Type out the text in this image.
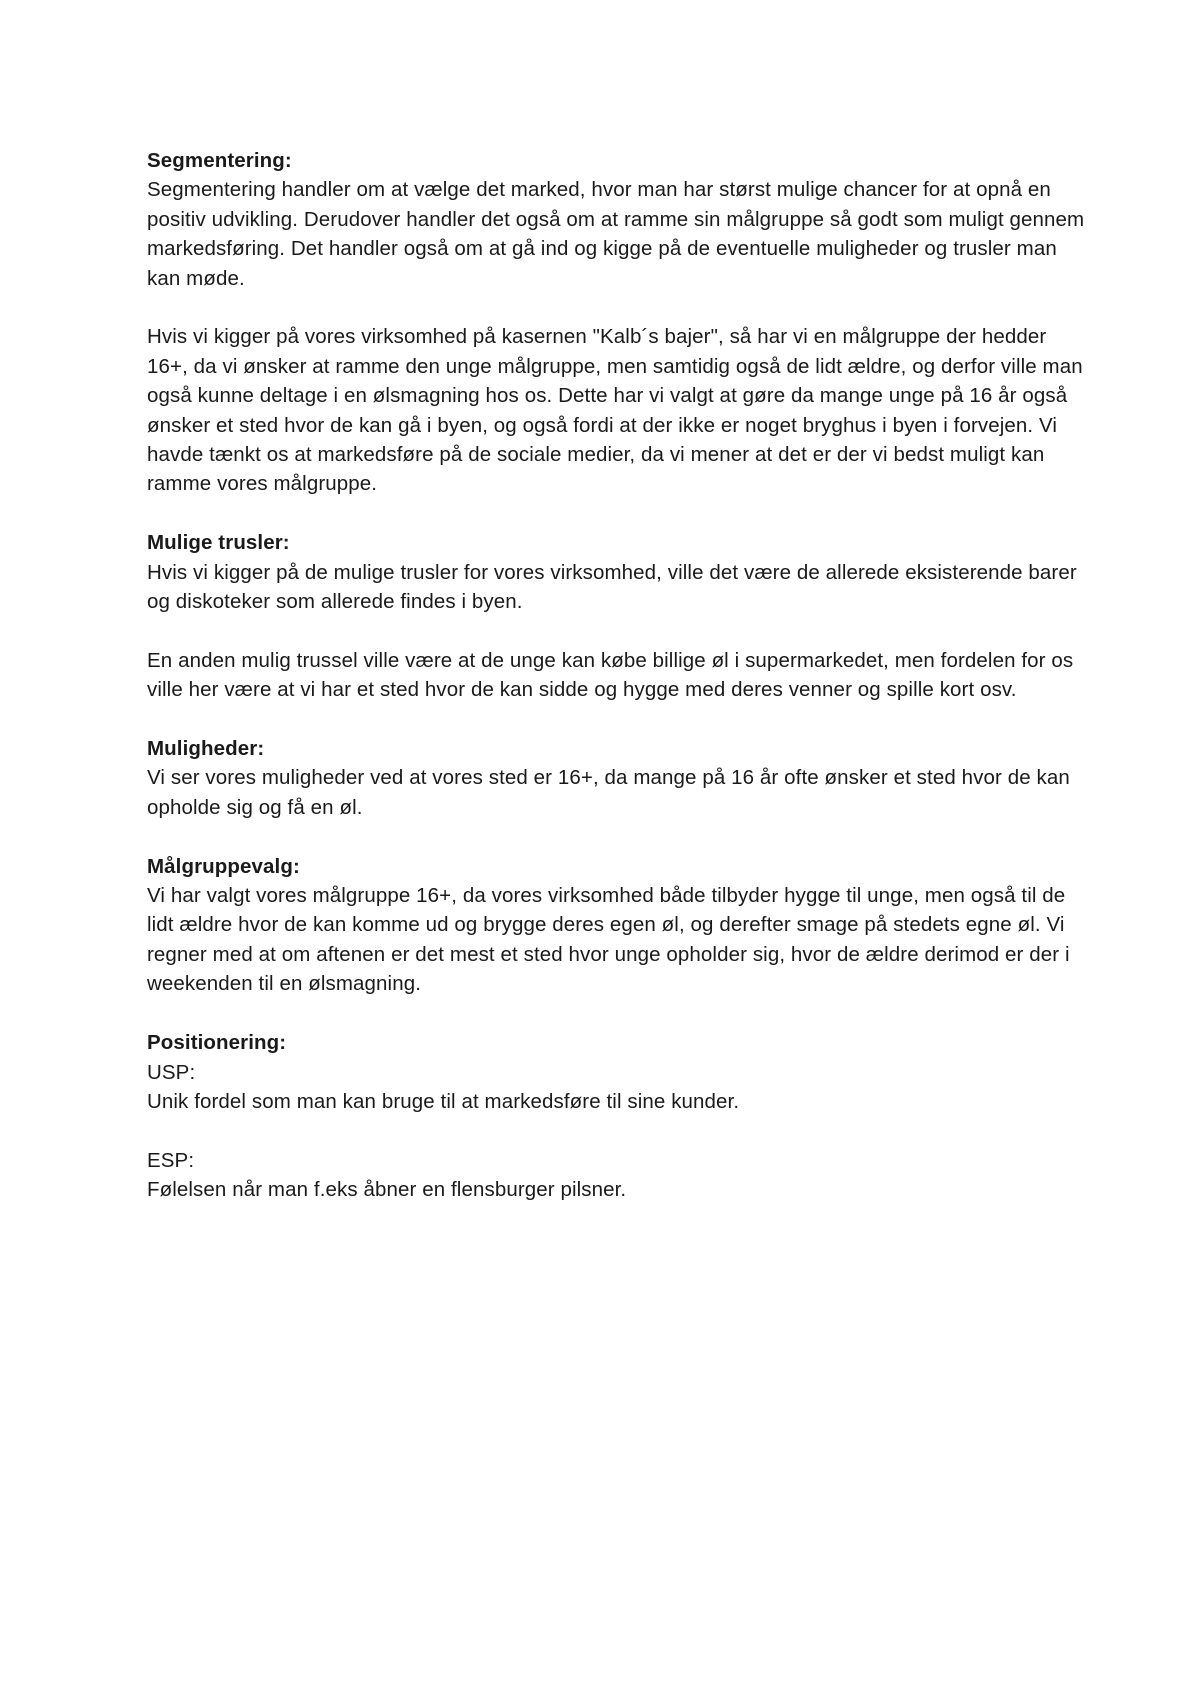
Segmentering:
Segmentering handler om at vælge det marked, hvor man har størst mulige chancer for at opnå en positiv udvikling. Derudover handler det også om at ramme sin målgruppe så godt som muligt gennem markedsføring. Det handler også om at gå ind og kigge på de eventuelle muligheder og trusler man kan møde.
Hvis vi kigger på vores virksomhed på kasernen "Kalb´s bajer", så har vi en målgruppe der hedder 16+, da vi ønsker at ramme den unge målgruppe, men samtidig også de lidt ældre, og derfor ville man også kunne deltage i en ølsmagning hos os. Dette har vi valgt at gøre da mange unge på 16 år også ønsker et sted hvor de kan gå i byen, og også fordi at der ikke er noget bryghus i byen i forvejen. Vi havde tænkt os at markedsføre på de sociale medier, da vi mener at det er der vi bedst muligt kan ramme vores målgruppe.
Mulige trusler:
Hvis vi kigger på de mulige trusler for vores virksomhed, ville det være de allerede eksisterende barer og diskoteker som allerede findes i byen.
En anden mulig trussel ville være at de unge kan købe billige øl i supermarkedet, men fordelen for os ville her være at vi har et sted hvor de kan sidde og hygge med deres venner og spille kort osv.
Muligheder:
Vi ser vores muligheder ved at vores sted er 16+, da mange på 16 år ofte ønsker et sted hvor de kan opholde sig og få en øl.
Målgruppevalg:
Vi har valgt vores målgruppe 16+, da vores virksomhed både tilbyder hygge til unge, men også til de lidt ældre hvor de kan komme ud og brygge deres egen øl, og derefter smage på stedets egne øl. Vi regner med at om aftenen er det mest et sted hvor unge opholder sig, hvor de ældre derimod er der i weekenden til en ølsmagning.
Positionering:
USP:
Unik fordel som man kan bruge til at markedsføre til sine kunder.
ESP:
Følelsen når man f.eks åbner en flensburger pilsner.
